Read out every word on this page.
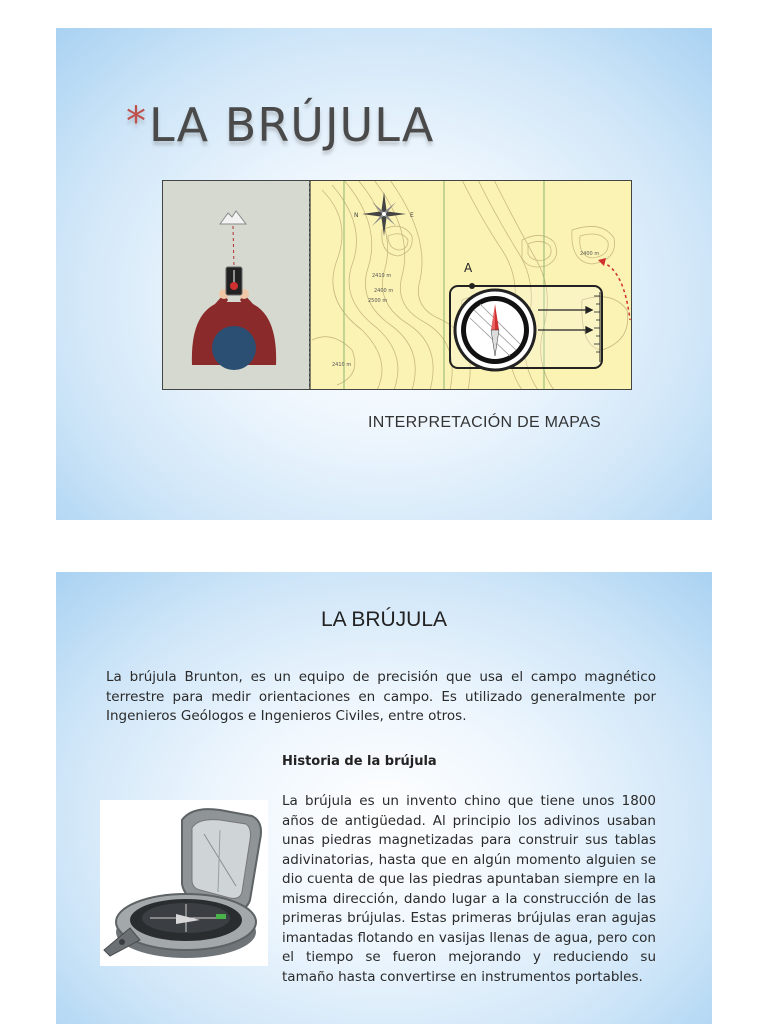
*LA BRÚJULA
N	E
2410 m
2400 m
2500 m
2400 m
2410 m
A
INTERPRETACIÓN DE MAPAS
LA BRÚJULA

La brújula Brunton, es un equipo de precisión que usa el campo magnético terrestre para medir orientaciones en campo. Es utilizado generalmente por Ingenieros Geólogos e Ingenieros Civiles, entre otros.

Historia de la brújula

La brújula es un invento chino que tiene unos 1800 años de antigüedad. Al principio los adivinos usaban unas piedras magnetizadas para construir sus tablas adivinatorias, hasta que en algún momento alguien se dio cuenta de que las piedras apuntaban siempre en la misma dirección, dando lugar a la construcción de las primeras brújulas. Estas primeras brújulas eran agujas imantadas flotando en vasijas llenas de agua, pero con el tiempo se fueron mejorando y reduciendo su tamaño hasta convertirse en instrumentos portables.
